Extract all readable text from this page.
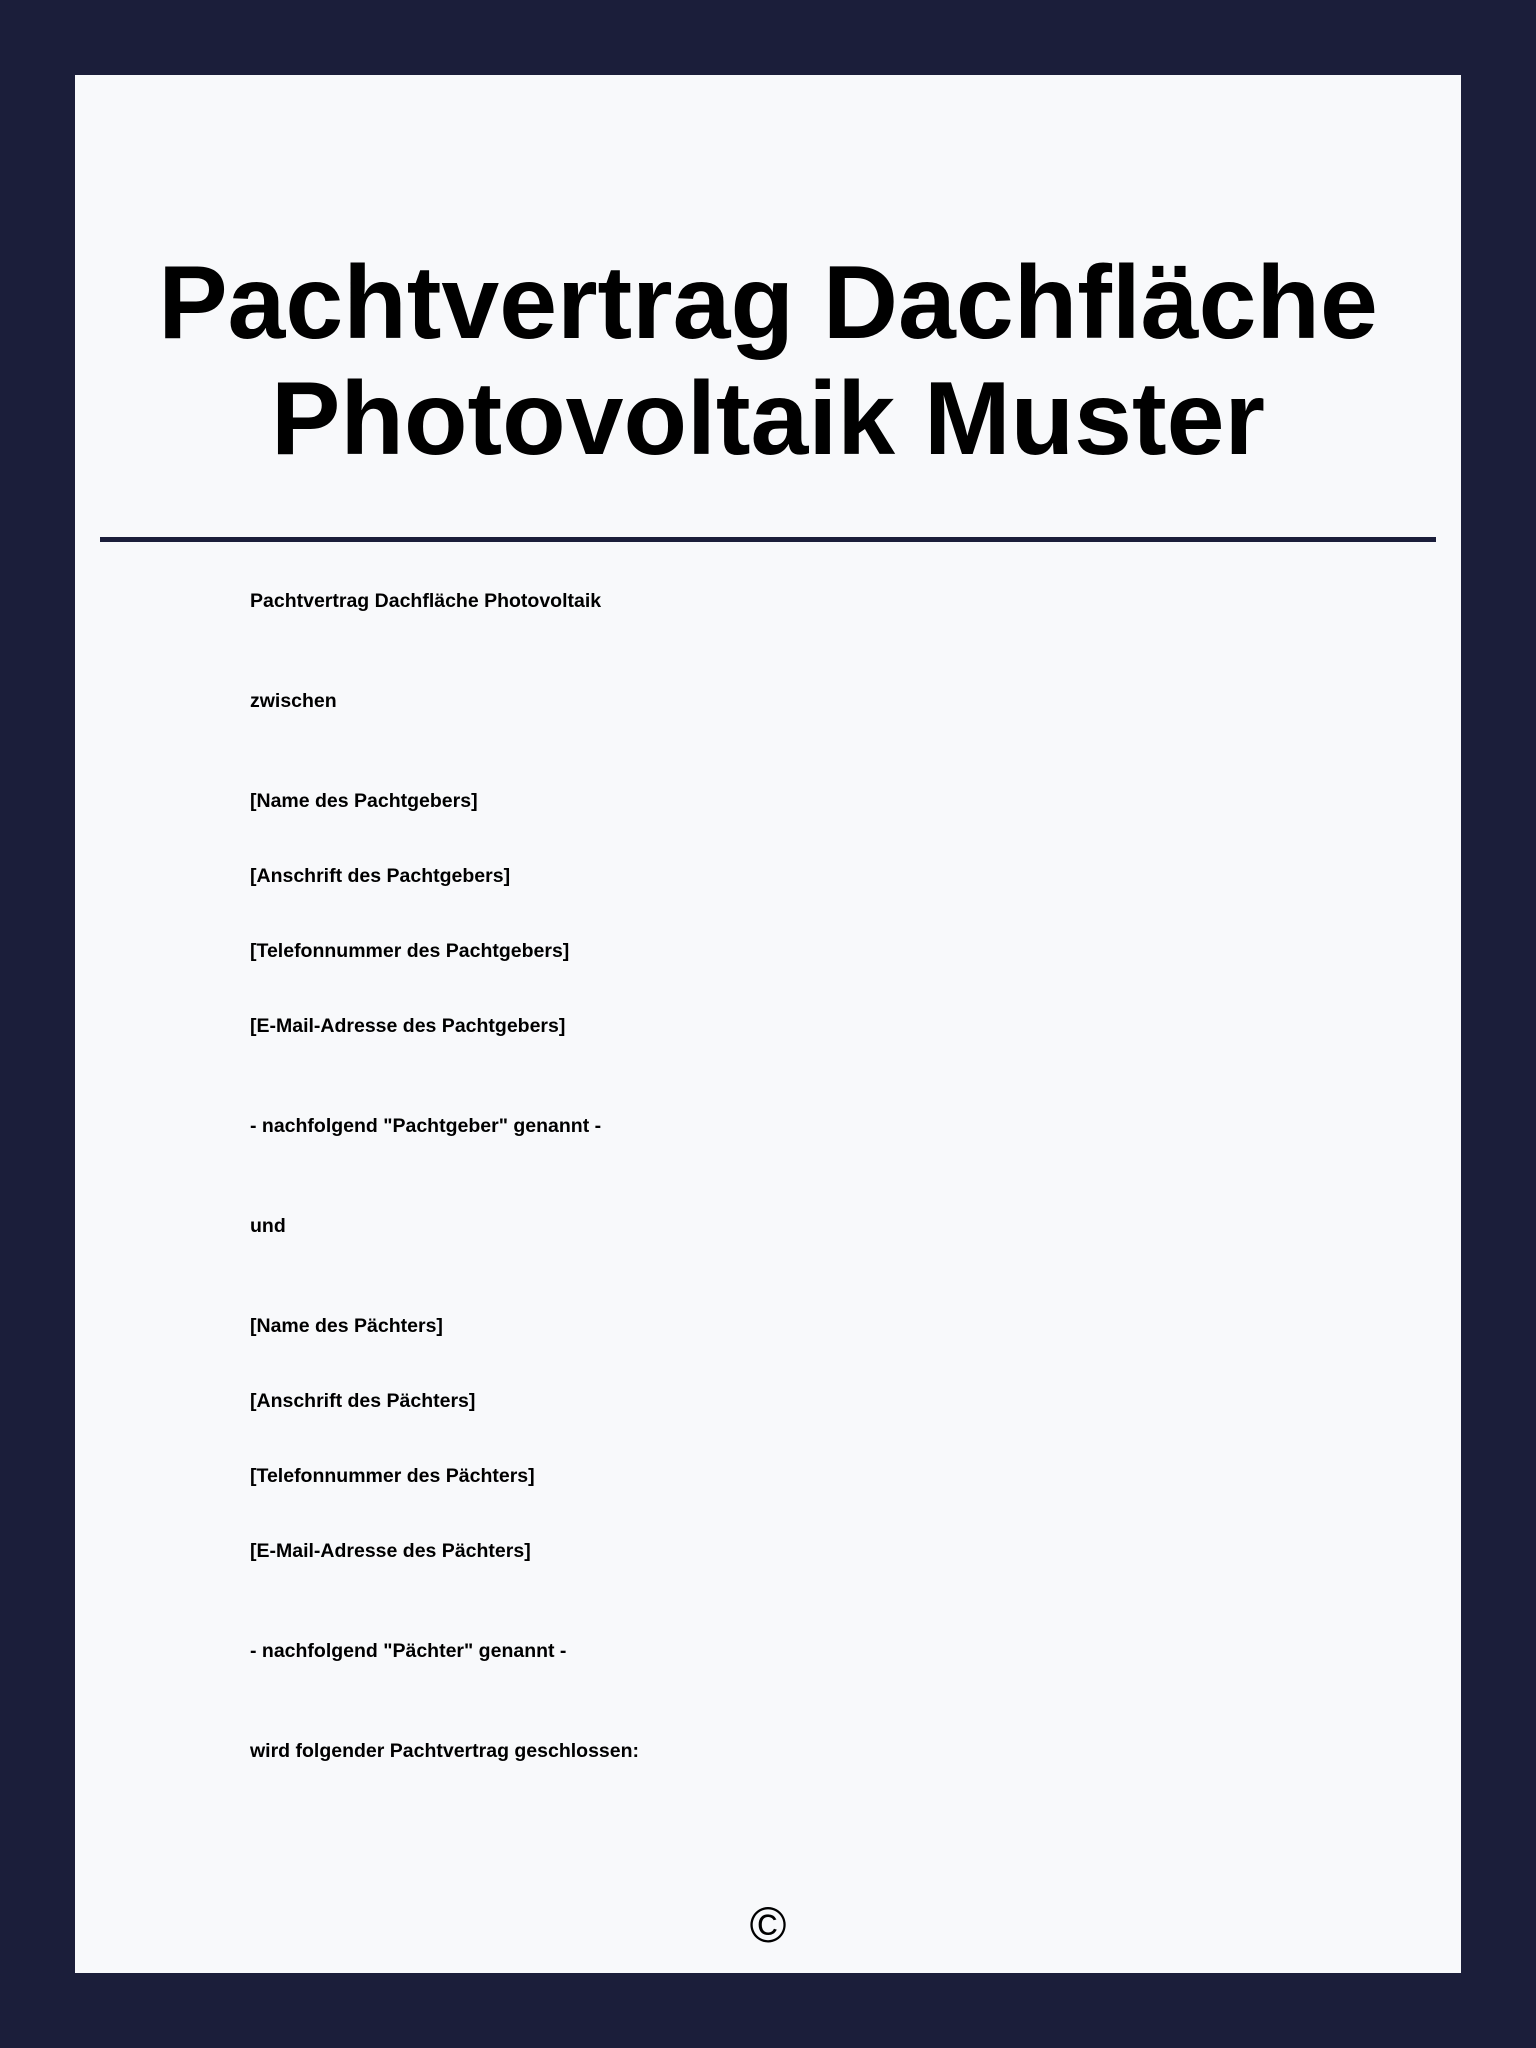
Pachtvertrag Dachfläche
Photovoltaik Muster

Pachtvertrag Dachfläche Photovoltaik

zwischen

[Name des Pachtgebers]

[Anschrift des Pachtgebers]

[Telefonnummer des Pachtgebers]

[E-Mail-Adresse des Pachtgebers]

- nachfolgend "Pachtgeber" genannt -

und

[Name des Pächters]

[Anschrift des Pächters]

[Telefonnummer des Pächters]

[E-Mail-Adresse des Pächters]

- nachfolgend "Pächter" genannt -

wird folgender Pachtvertrag geschlossen:

©
